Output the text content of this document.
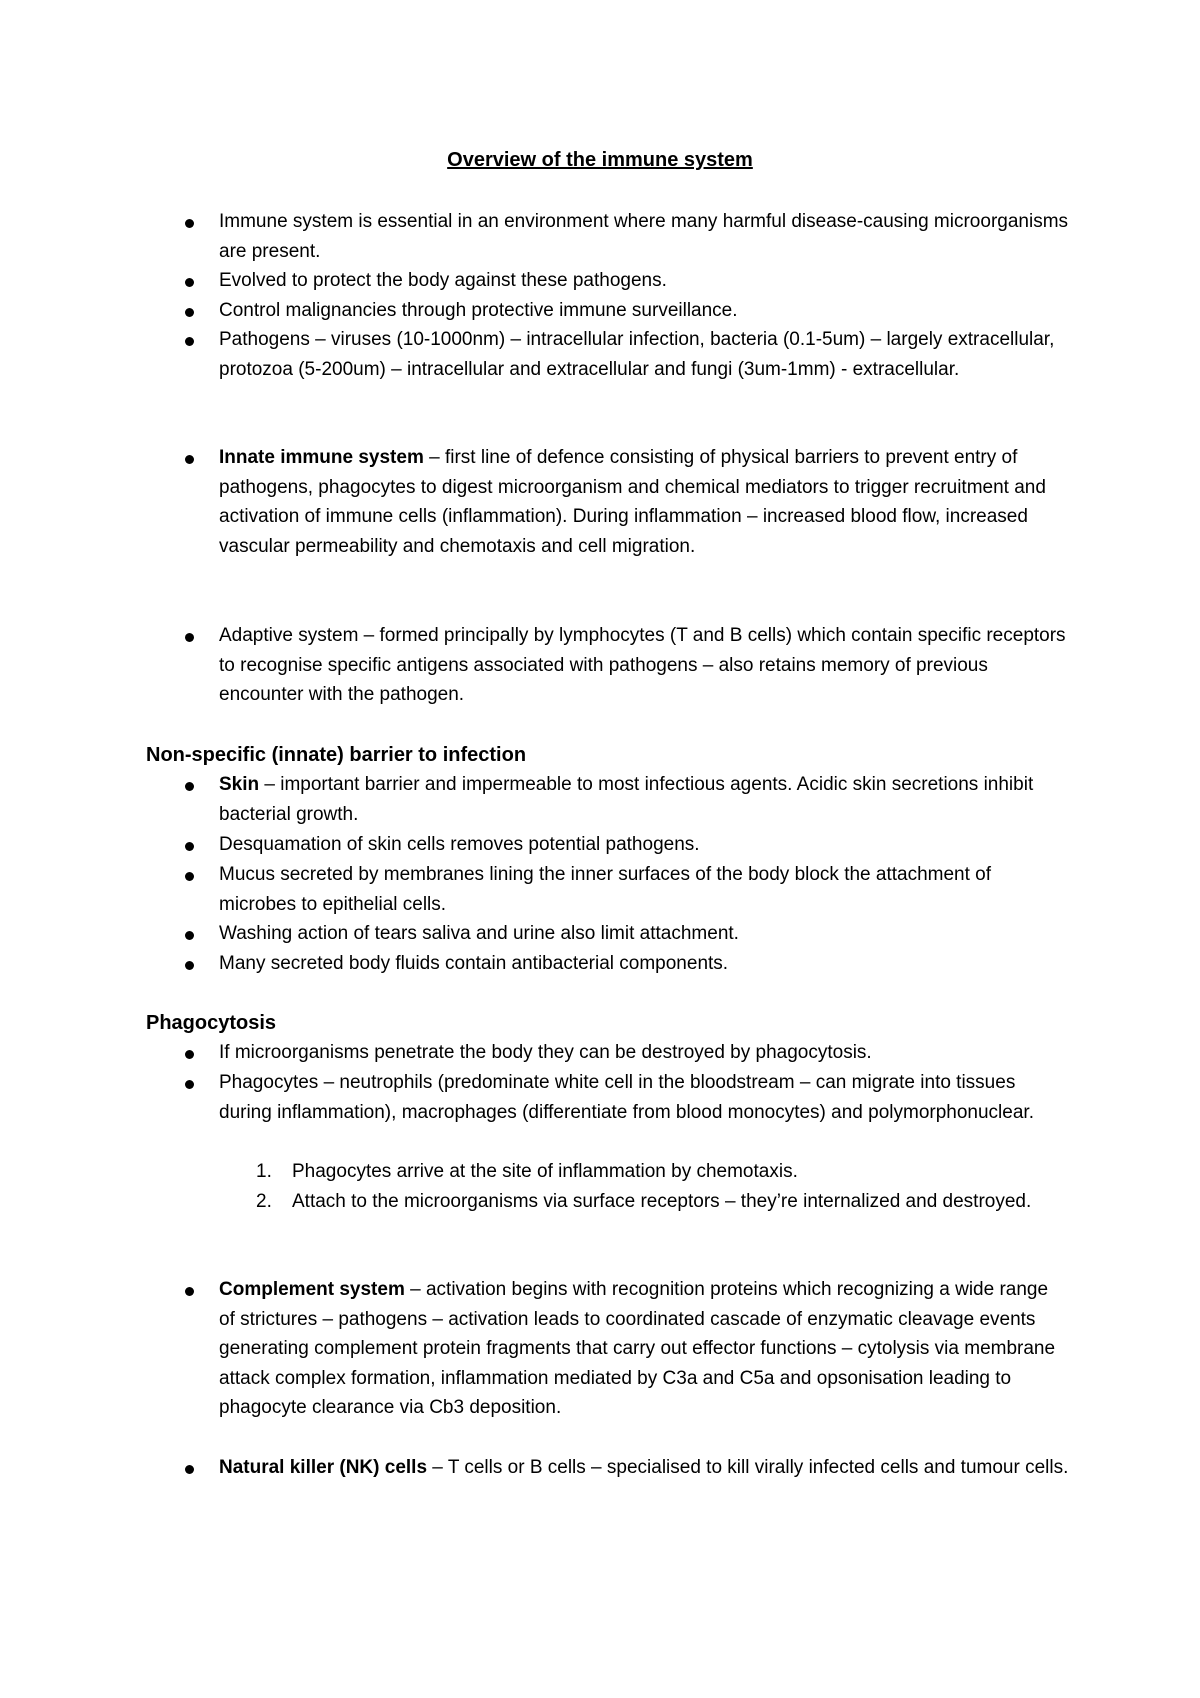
Overview of the immune system

Immune system is essential in an environment where many harmful disease-causing microorganisms are present.

Evolved to protect the body against these pathogens.

Control malignancies through protective immune surveillance.

Pathogens – viruses (10-1000nm) – intracellular infection, bacteria (0.1-5um) – largely extracellular, protozoa (5-200um) – intracellular and extracellular and fungi (3um-1mm) - extracellular.

Innate immune system – first line of defence consisting of physical barriers to prevent entry of pathogens, phagocytes to digest microorganism and chemical mediators to trigger recruitment and activation of immune cells (inflammation). During inflammation – increased blood flow, increased vascular permeability and chemotaxis and cell migration.

Adaptive system – formed principally by lymphocytes (T and B cells) which contain specific receptors to recognise specific antigens associated with pathogens – also retains memory of previous encounter with the pathogen.

Non-specific (innate) barrier to infection

Skin – important barrier and impermeable to most infectious agents. Acidic skin secretions inhibit bacterial growth.

Desquamation of skin cells removes potential pathogens.

Mucus secreted by membranes lining the inner surfaces of the body block the attachment of microbes to epithelial cells.

Washing action of tears saliva and urine also limit attachment.

Many secreted body fluids contain antibacterial components.

Phagocytosis

If microorganisms penetrate the body they can be destroyed by phagocytosis.

Phagocytes – neutrophils (predominate white cell in the bloodstream – can migrate into tissues during inflammation), macrophages (differentiate from blood monocytes) and polymorphonuclear.

1. Phagocytes arrive at the site of inflammation by chemotaxis.

2. Attach to the microorganisms via surface receptors – they’re internalized and destroyed.

Complement system – activation begins with recognition proteins which recognizing a wide range of strictures – pathogens – activation leads to coordinated cascade of enzymatic cleavage events generating complement protein fragments that carry out effector functions – cytolysis via membrane attack complex formation, inflammation mediated by C3a and C5a and opsonisation leading to phagocyte clearance via Cb3 deposition.

Natural killer (NK) cells – T cells or B cells – specialised to kill virally infected cells and tumour cells.
